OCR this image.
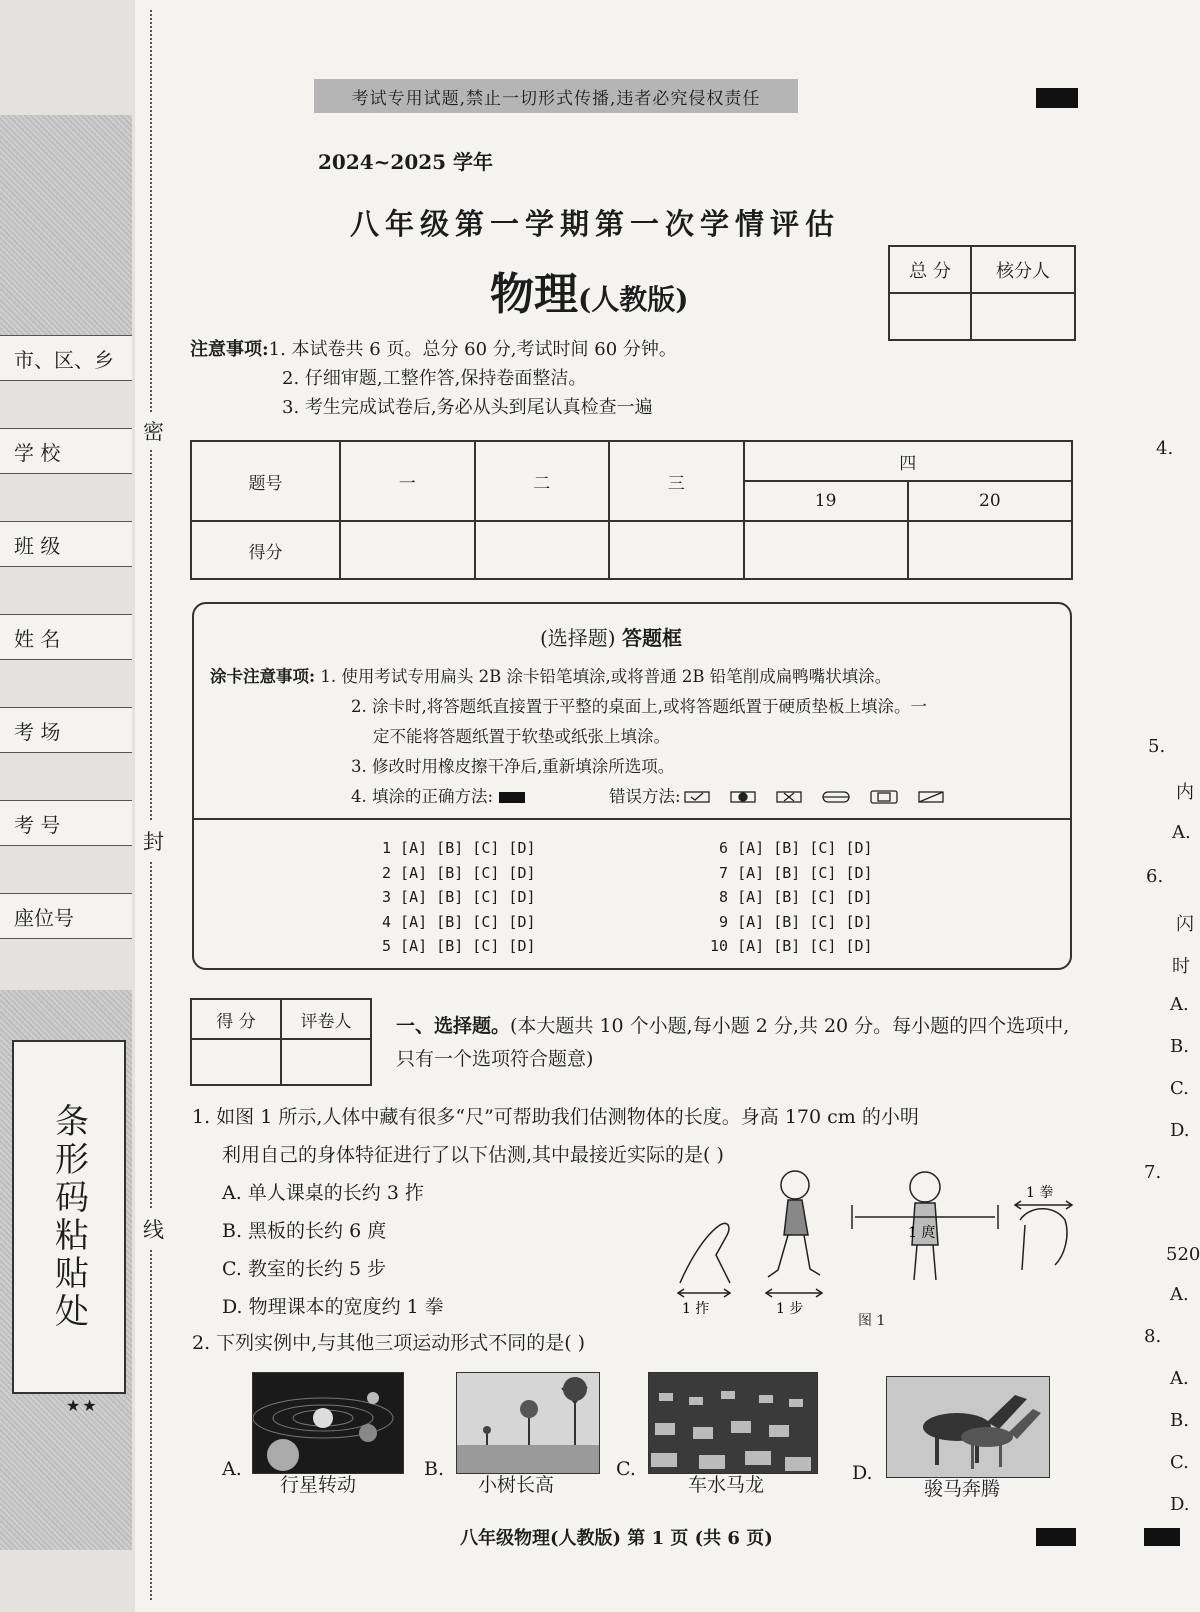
市、区、乡
学 校
班 级
姓 名
考 场
考 号
座位号
条形码粘贴处
★★
密
封
线
考试专用试题,禁止一切形式传播,违者必究侵权责任
2024~2025 学年
八年级第一学期第一次学情评估
物理(人教版)
总 分	核分人

注意事项:1. 本试卷共 6 页。总分 60 分,考试时间 60 分钟。
2. 仔细审题,工整作答,保持卷面整洁。
3. 考生完成试卷后,务必从头到尾认真检查一遍
题号	一	二	三	四	
				19	20
得分					
(选择题) 答题框
涂卡注意事项: 1. 使用考试专用扁头 2B 涂卡铅笔填涂,或将普通 2B 铅笔削成扁鸭嘴状填涂。
2. 涂卡时,将答题纸直接置于平整的桌面上,或将答题纸置于硬质垫板上填涂。一
定不能将答题纸置于软垫或纸张上填涂。
3. 修改时用橡皮擦干净后,重新填涂所选项。
4. 填涂的正确方法:	错误方法:
1 [A] [B] [C] [D]
2 [A] [B] [C] [D]
3 [A] [B] [C] [D]
4 [A] [B] [C] [D]
5 [A] [B] [C] [D]
6 [A] [B] [C] [D]
7 [A] [B] [C] [D]
8 [A] [B] [C] [D]
9 [A] [B] [C] [D]
10 [A] [B] [C] [D]
得 分	评卷人
	一、选择题。(本大题共 10 个小题,每小题 2 分,共 20 分。每小题的四个选项中,只有一个选项符合题意)
1. 如图 1 所示,人体中藏有很多“尺”可帮助我们估测物体的长度。身高 170 cm 的小明
利用自己的身体特征进行了以下估测,其中最接近实际的是( )
A. 单人课桌的长约 3 拃
B. 黑板的长约 6 庹
C. 教室的长约 5 步
D. 物理课本的宽度约 1 拳	1 拃	1 步
1 庹
1 拳
图 1
2. 下列实例中,与其他三项运动形式不同的是( )
A.
行星转动
B.
小树长高
C.
车水马龙
D.
骏马奔腾
八年级物理(人教版) 第 1 页 (共 6 页)
4.
5.
内
A.
6.
闪
时
A.
B.
C.
D.
7.
520
A.
8.
A.
B.
C.
D.
